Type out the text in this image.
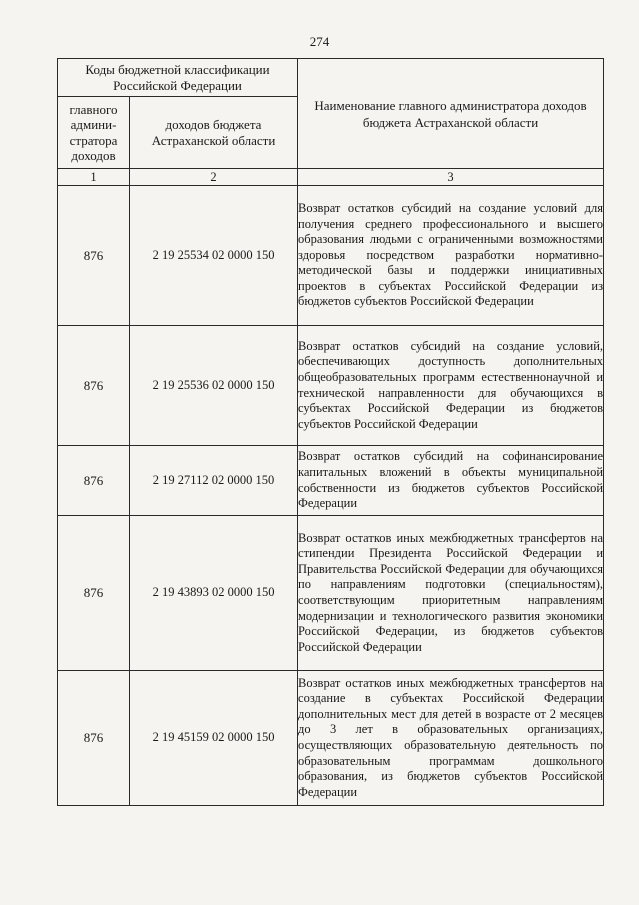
274
Коды бюджетной классификации Российской Федерации		Наименование главного администратора доходов бюджета Астраханской области
главного админи-стратора доходов	доходов бюджета Астраханской области	
1	2	3
876	2 19 25534 02 0000 150	Возврат остатков субсидий на создание условий для получения среднего профессионального и высшего образования людьми с ограниченными возможностями здоровья посредством разработки нормативно-методической базы и поддержки инициативных проектов в субъектах Российской Федерации из бюджетов субъектов Российской Федерации
876	2 19 25536 02 0000 150	Возврат остатков субсидий на создание условий, обеспечивающих доступность дополнительных общеобразовательных программ естественнонаучной и технической направленности для обучающихся в субъектах Российской Федерации из бюджетов субъектов Российской Федерации
876	2 19 27112 02 0000 150	Возврат остатков субсидий на софинансирование капитальных вложений в объекты муниципальной собственности из бюджетов субъектов Российской Федерации
876	2 19 43893 02 0000 150	Возврат остатков иных межбюджетных трансфертов на стипендии Президента Российской Федерации и Правительства Российской Федерации для обучающихся по направлениям подготовки (специальностям), соответствующим приоритетным направлениям модернизации и технологического развития экономики Российской Федерации, из бюджетов субъектов Российской Федерации
876	2 19 45159 02 0000 150	Возврат остатков иных межбюджетных трансфертов на создание в субъектах Российской Федерации дополнительных мест для детей в возрасте от 2 месяцев до 3 лет в образовательных организациях, осуществляющих образовательную деятельность по образовательным программам дошкольного образования, из бюджетов субъектов Российской Федерации
